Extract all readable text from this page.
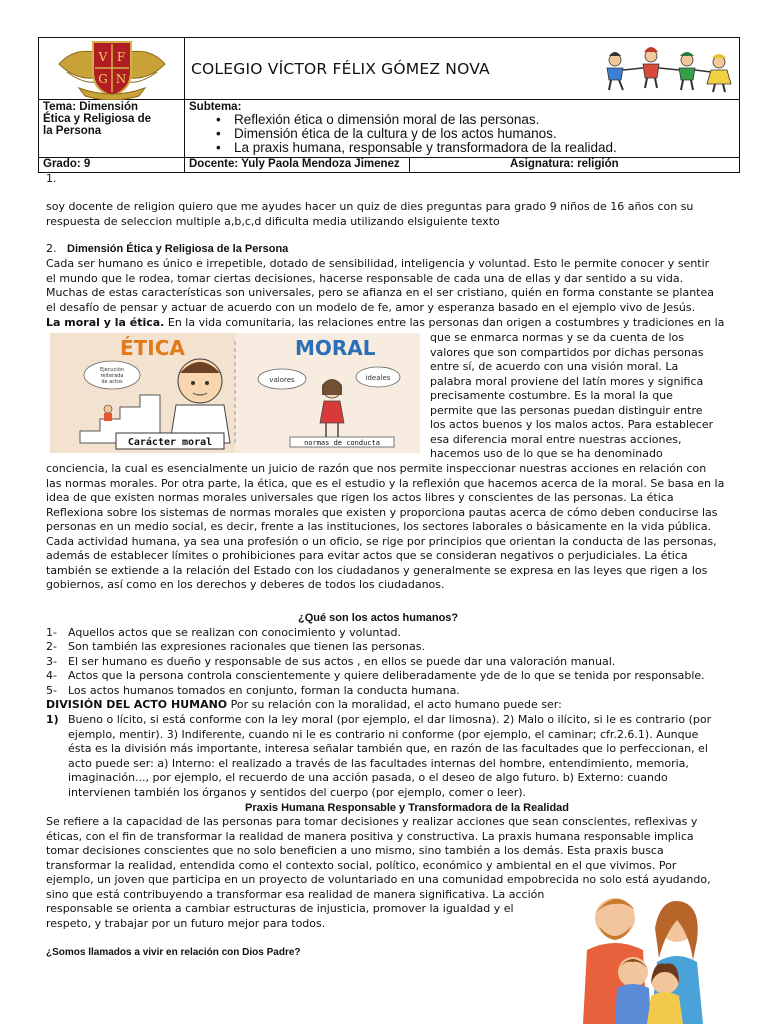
V F
G N
COLEGIO VÍCTOR FÉLIX GÓMEZ NOVA
Tema: Dimensión
Ética y Religiosa de
la Persona
Subtema:
• Reflexión ética o dimensión moral de las personas.
• Dimensión ética de la cultura y de los actos humanos.
• La praxis humana, responsable y transformadora de la realidad.
Grado: 9	Docente: Yuly Paola Mendoza Jimenez	Asignatura: religión
1.
soy docente de religion quiero que me ayudes hacer un quiz de dies preguntas para grado 9 niños de 16 años con su
respuesta de seleccion multiple a,b,c,d dificulta media utilizando elsiguiente texto
2. Dimensión Ética y Religiosa de la Persona
Cada ser humano es único e irrepetible, dotado de sensibilidad, inteligencia y voluntad. Esto le permite conocer y sentir
el mundo que le rodea, tomar ciertas decisiones, hacerse responsable de cada una de ellas y dar sentido a su vida.
Muchas de estas características son universales, pero se afianza en el ser cristiano, quién en forma constante se plantea
el desafío de pensar y actuar de acuerdo con un modelo de fe, amor y esperanza basado en el ejemplo vivo de Jesús.
La moral y la ética. En la vida comunitaria, las relaciones entre las personas dan origen a costumbres y tradiciones en la
ÉTICA
Ejecución
reiterada
de actos
Carácter moral
MORAL
valores	ideales
normas de conducta
que se enmarca normas y se da cuenta de los
valores que son compartidos por dichas personas
entre sí, de acuerdo con una visión moral. La
palabra moral proviene del latín mores y significa
precisamente costumbre. Es la moral la que
permite que las personas puedan distinguir entre
los actos buenos y los malos actos. Para establecer
esa diferencia moral entre nuestras acciones,
hacemos uso de lo que se ha denominado
conciencia, la cual es esencialmente un juicio de razón que nos permite inspeccionar nuestras acciones en relación con
las normas morales. Por otra parte, la ética, que es el estudio y la reflexión que hacemos acerca de la moral. Se basa en la
idea de que existen normas morales universales que rigen los actos libres y conscientes de las personas. La ética
Reflexiona sobre los sistemas de normas morales que existen y proporciona pautas acerca de cómo deben conducirse las
personas en un medio social, es decir, frente a las instituciones, los sectores laborales o básicamente en la vida pública.
Cada actividad humana, ya sea una profesión o un oficio, se rige por principios que orientan la conducta de las personas,
además de establecer límites o prohibiciones para evitar actos que se consideran negativos o perjudiciales. La ética
también se extiende a la relación del Estado con los ciudadanos y generalmente se expresa en las leyes que rigen a los
gobiernos, así como en los derechos y deberes de todos los ciudadanos.
¿Qué son los actos humanos?
1- Aquellos actos que se realizan con conocimiento y voluntad.
2- Son también las expresiones racionales que tienen las personas.
3- El ser humano es dueño y responsable de sus actos , en ellos se puede dar una valoración manual.
4- Actos que la persona controla conscientemente y quiere deliberadamente yde de lo que se tenida por responsable.
5- Los actos humanos tomados en conjunto, forman la conducta humana.
DIVISIÓN DEL ACTO HUMANO Por su relación con la moralidad, el acto humano puede ser:
1) Bueno o lícito, si está conforme con la ley moral (por ejemplo, el dar limosna). 2) Malo o ilícito, si le es contrario (por
ejemplo, mentir). 3) Indiferente, cuando ni le es contrario ni conforme (por ejemplo, el caminar; cfr.2.6.1). Aunque
ésta es la división más importante, interesa señalar también que, en razón de las facultades que lo perfeccionan, el
acto puede ser: a) Interno: el realizado a través de las facultades internas del hombre, entendimiento, memoria,
imaginación..., por ejemplo, el recuerdo de una acción pasada, o el deseo de algo futuro. b) Externo: cuando
intervienen también los órganos y sentidos del cuerpo (por ejemplo, comer o leer).
Praxis Humana Responsable y Transformadora de la Realidad
Se refiere a la capacidad de las personas para tomar decisiones y realizar acciones que sean conscientes, reflexivas y
éticas, con el fin de transformar la realidad de manera positiva y constructiva. La praxis humana responsable implica
tomar decisiones conscientes que no solo beneficien a uno mismo, sino también a los demás. Esta praxis busca
transformar la realidad, entendida como el contexto social, político, económico y ambiental en el que vivimos. Por
ejemplo, un joven que participa en un proyecto de voluntariado en una comunidad empobrecida no solo está ayudando,
sino que está contribuyendo a transformar esa realidad de manera significativa. La acción
responsable se orienta a cambiar estructuras de injusticia, promover la igualdad y el
respeto, y trabajar por un futuro mejor para todos.
¿Somos llamados a vivir en relación con Dios Padre?
